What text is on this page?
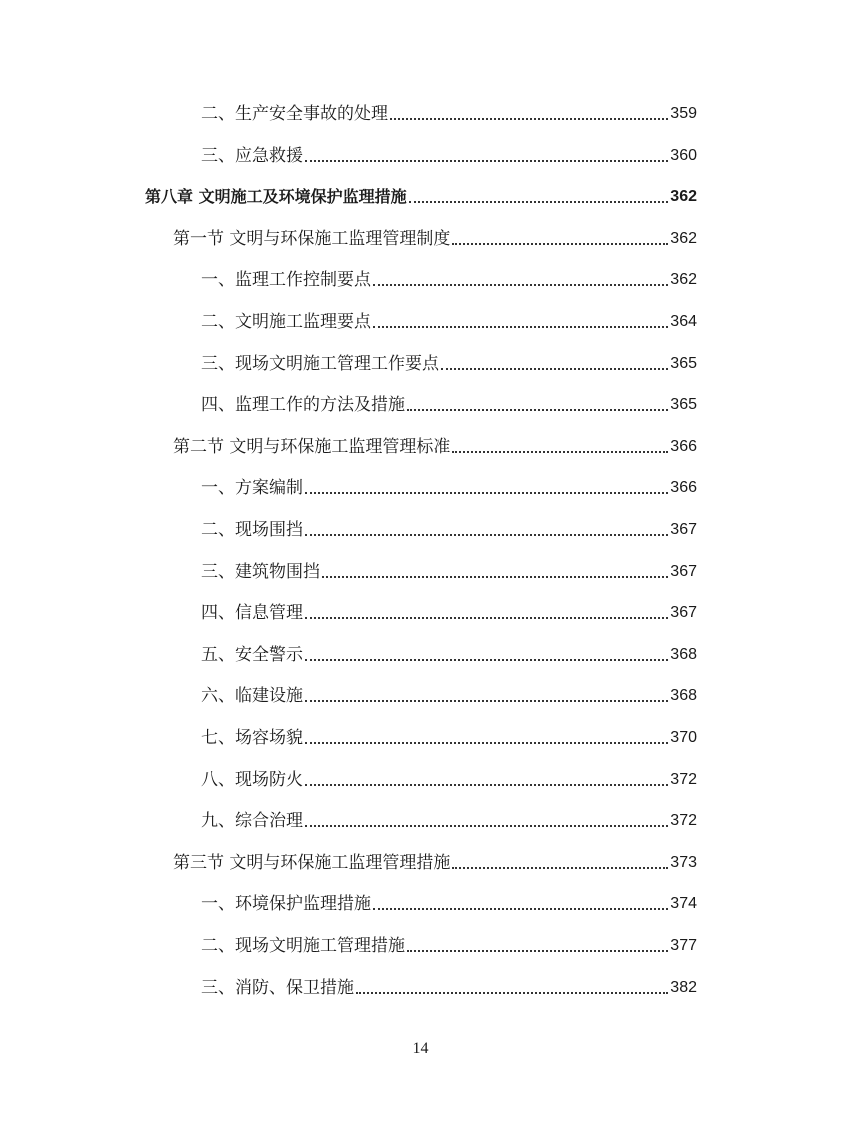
二、生产安全事故的处理	359
三、应急救援	360
第八章 文明施工及环境保护监理措施	362
第一节 文明与环保施工监理管理制度	362
一、监理工作控制要点	362
二、文明施工监理要点	364
三、现场文明施工管理工作要点	365
四、监理工作的方法及措施	365
第二节 文明与环保施工监理管理标准	366
一、方案编制	366
二、现场围挡	367
三、建筑物围挡	367
四、信息管理	367
五、安全警示	368
六、临建设施	368
七、场容场貌	370
八、现场防火	372
九、综合治理	372
第三节 文明与环保施工监理管理措施	373
一、环境保护监理措施	374
二、现场文明施工管理措施	377
三、消防、保卫措施	382
14
